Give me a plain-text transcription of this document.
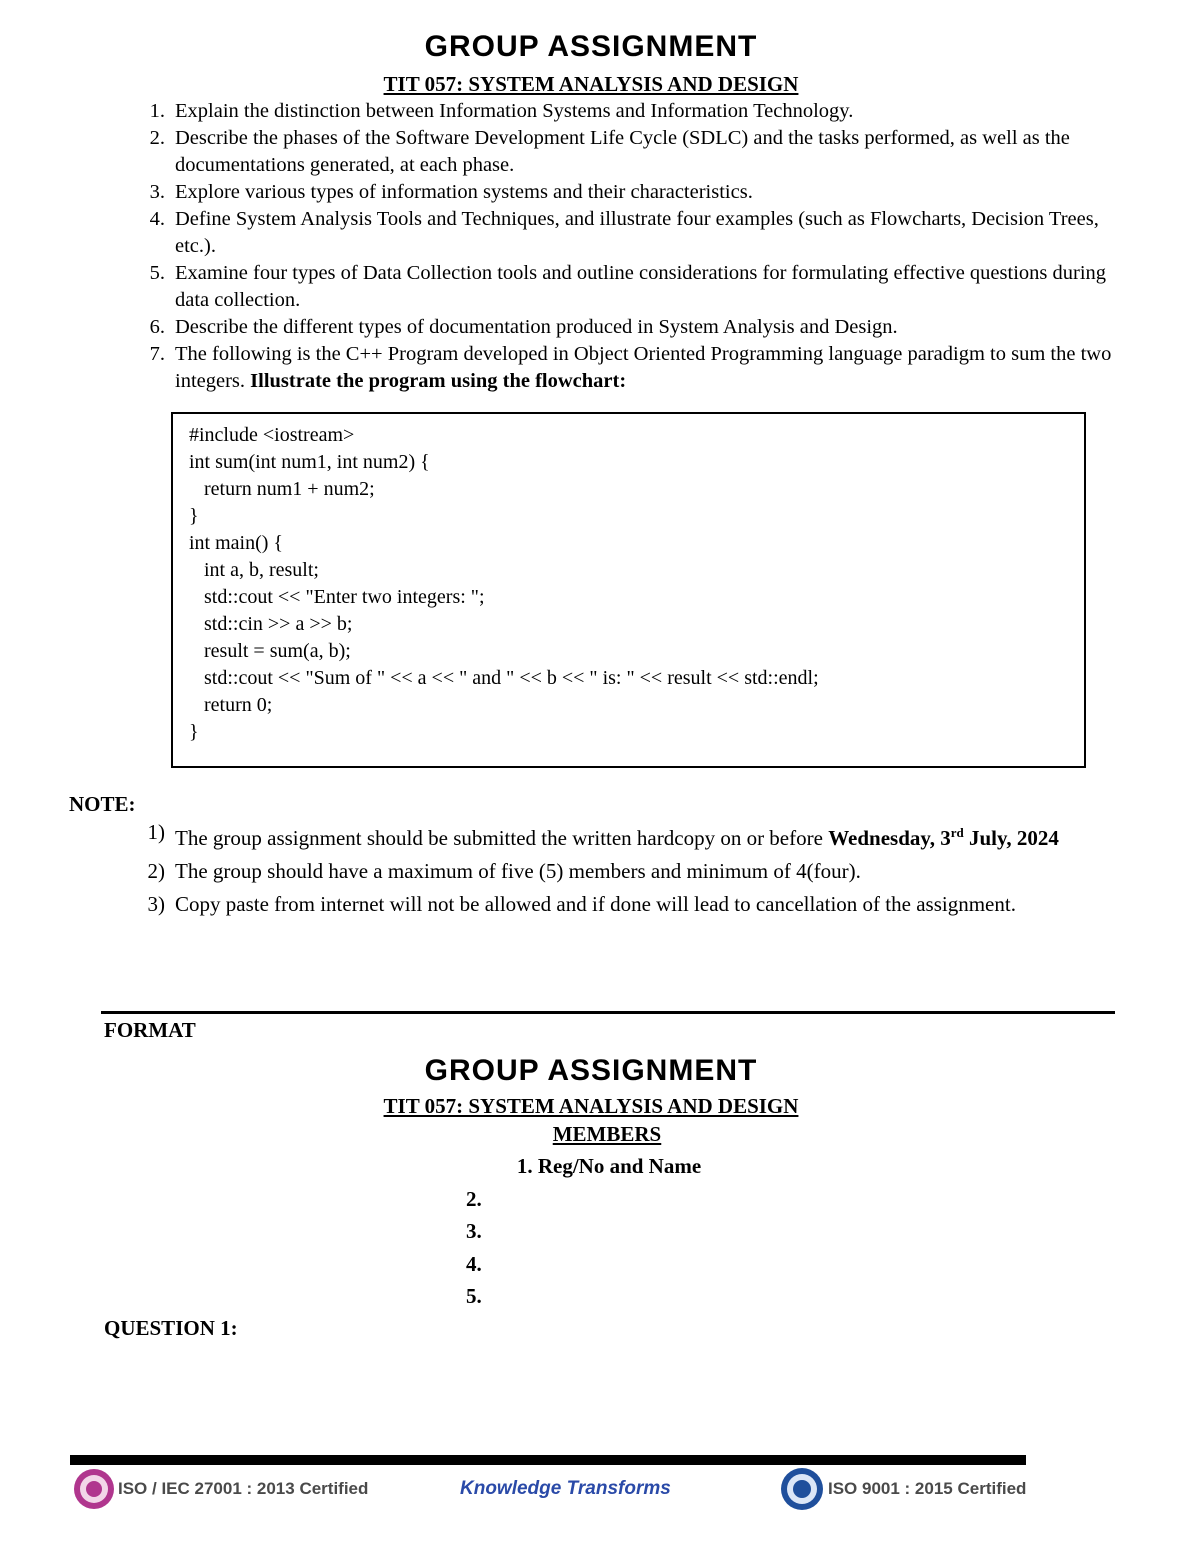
GROUP ASSIGNMENT
TIT 057: SYSTEM ANALYSIS AND DESIGN
1. Explain the distinction between Information Systems and Information Technology.
2. Describe the phases of the Software Development Life Cycle (SDLC) and the tasks performed, as well as the documentations generated, at each phase.
3. Explore various types of information systems and their characteristics.
4. Define System Analysis Tools and Techniques, and illustrate four examples (such as Flowcharts, Decision Trees, etc.).
5. Examine four types of Data Collection tools and outline considerations for formulating effective questions during data collection.
6. Describe the different types of documentation produced in System Analysis and Design.
7. The following is the C++ Program developed in Object Oriented Programming language paradigm to sum the two integers. Illustrate the program using the flowchart:
#include <iostream>
int sum(int num1, int num2) {
return num1 + num2;
}
int main() {
int a, b, result;
std::cout << "Enter two integers: ";
std::cin >> a >> b;
result = sum(a, b);
std::cout << "Sum of " << a << " and " << b << " is: " << result << std::endl;
return 0;
}
NOTE:
1) The group assignment should be submitted the written hardcopy on or before Wednesday, 3rd July, 2024
2) The group should have a maximum of five (5) members and minimum of 4(four).
3) Copy paste from internet will not be allowed and if done will lead to cancellation of the assignment.
FORMAT
GROUP ASSIGNMENT
TIT 057: SYSTEM ANALYSIS AND DESIGN
MEMBERS
1. Reg/No and Name
2.
3.
4.
5.
QUESTION 1:
ISO / IEC 27001 : 2013 Certified	Knowledge Transforms	ISO 9001 : 2015 Certified
